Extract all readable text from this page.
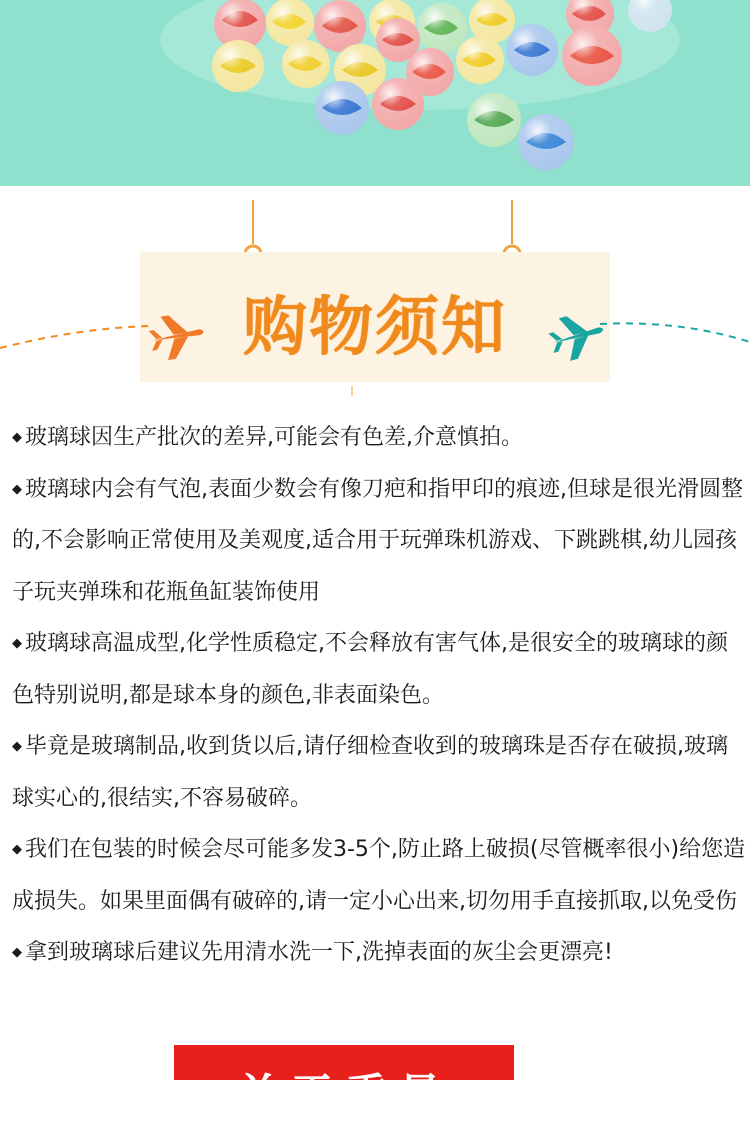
购物须知
◆ 玻璃球因生产批次的差异,可能会有色差,介意慎拍。
◆ 玻璃球内会有气泡,表面少数会有像刀疤和指甲印的痕迹,但球是很光滑圆整的,不会影响正常使用及美观度,适合用于玩弹珠机游戏、下跳跳棋,幼儿园孩子玩夹弹珠和花瓶鱼缸装饰使用
◆ 玻璃球高温成型,化学性质稳定,不会释放有害气体,是很安全的玻璃球的颜色特别说明,都是球本身的颜色,非表面染色。
◆ 毕竟是玻璃制品,收到货以后,请仔细检查收到的玻璃珠是否存在破损,玻璃球实心的,很结实,不容易破碎。
◆ 我们在包装的时候会尽可能多发3-5个,防止路上破损(尽管概率很小)给您造成损失。如果里面偶有破碎的,请一定小心出来,切勿用手直接抓取,以免受伤
◆ 拿到玻璃球后建议先用清水洗一下,洗掉表面的灰尘会更漂亮!
关于重量
